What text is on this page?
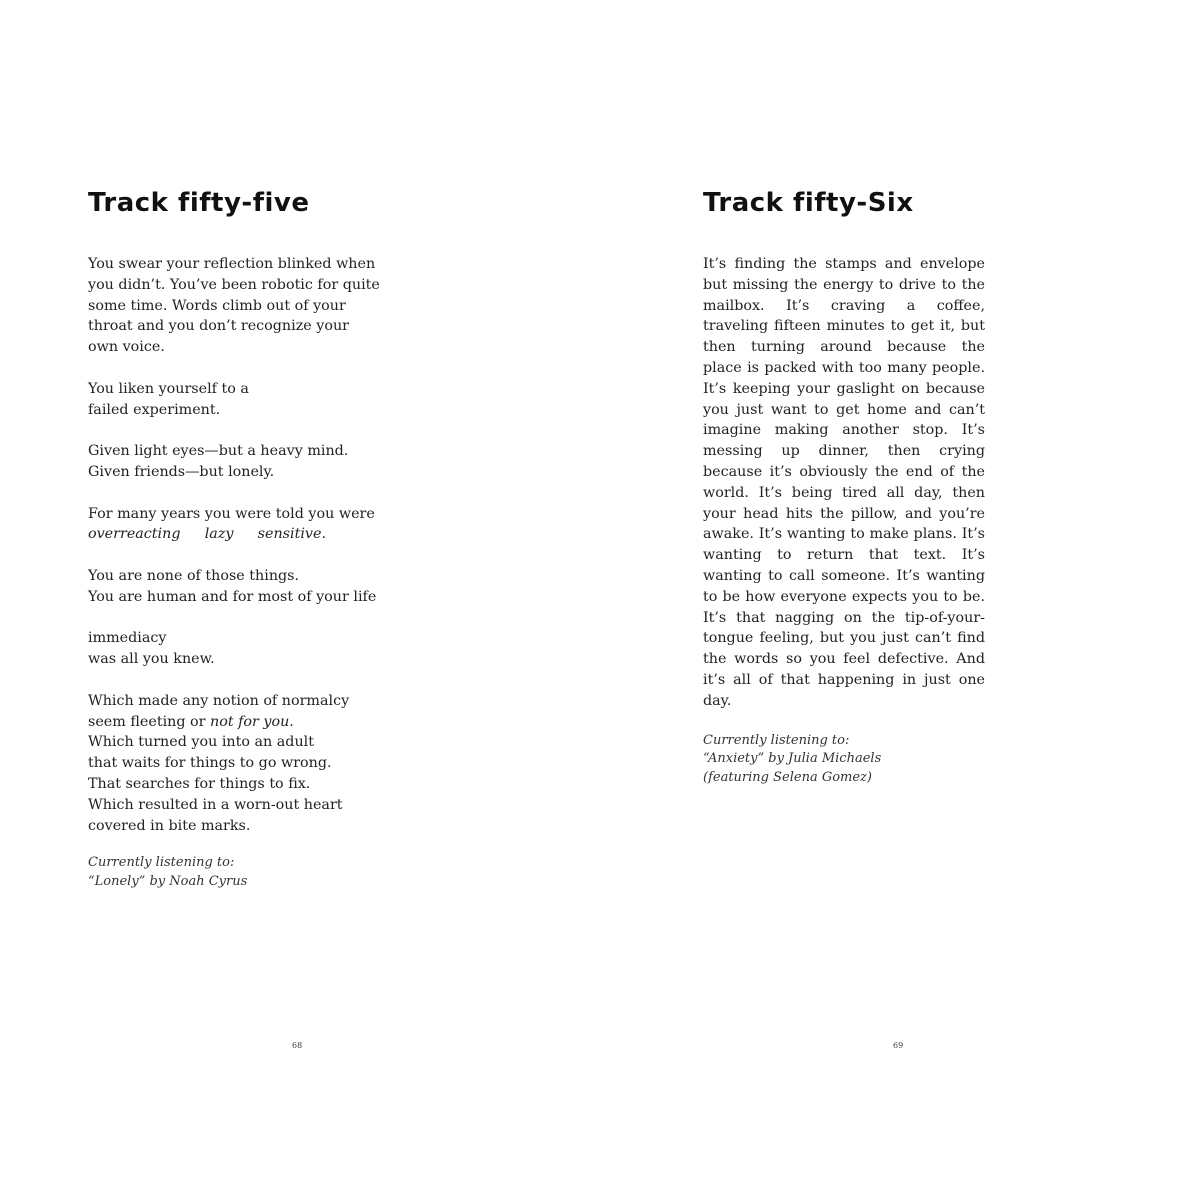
Track fifty-five
You swear your reflection blinked when
you didn’t. You’ve been robotic for quite
some time. Words climb out of your
throat and you don’t recognize your
own voice.
You liken yourself to a
failed experiment.
Given light eyes—but a heavy mind.
Given friends—but lonely.
For many years you were told you were
overreacting lazy sensitive.
You are none of those things.
You are human and for most of your life
immediacy
was all you knew.
Which made any notion of normalcy
seem fleeting or not for you.
Which turned you into an adult
that waits for things to go wrong.
That searches for things to fix.
Which resulted in a worn-out heart
covered in bite marks.
Currently listening to:
“Lonely” by Noah Cyrus
68
Track fifty-Six

It’s finding the stamps and envelope but missing the energy to drive to the mailbox. It’s craving a coffee, traveling fifteen minutes to get it, but then turning around because the place is packed with too many people. It’s keeping your gaslight on because you just want to get home and can’t imagine making another stop. It’s messing up dinner, then crying because it’s obviously the end of the world. It’s being tired all day, then your head hits the pillow, and you’re awake. It’s wanting to make plans. It’s wanting to return that text. It’s wanting to call someone. It’s wanting to be how everyone expects you to be. It’s that nagging on the tip-of-your-tongue feeling, but you just can’t find the words so you feel defective. And it’s all of that happening in just one day.

Currently listening to:
“Anxiety” by Julia Michaels
(featuring Selena Gomez)
69
